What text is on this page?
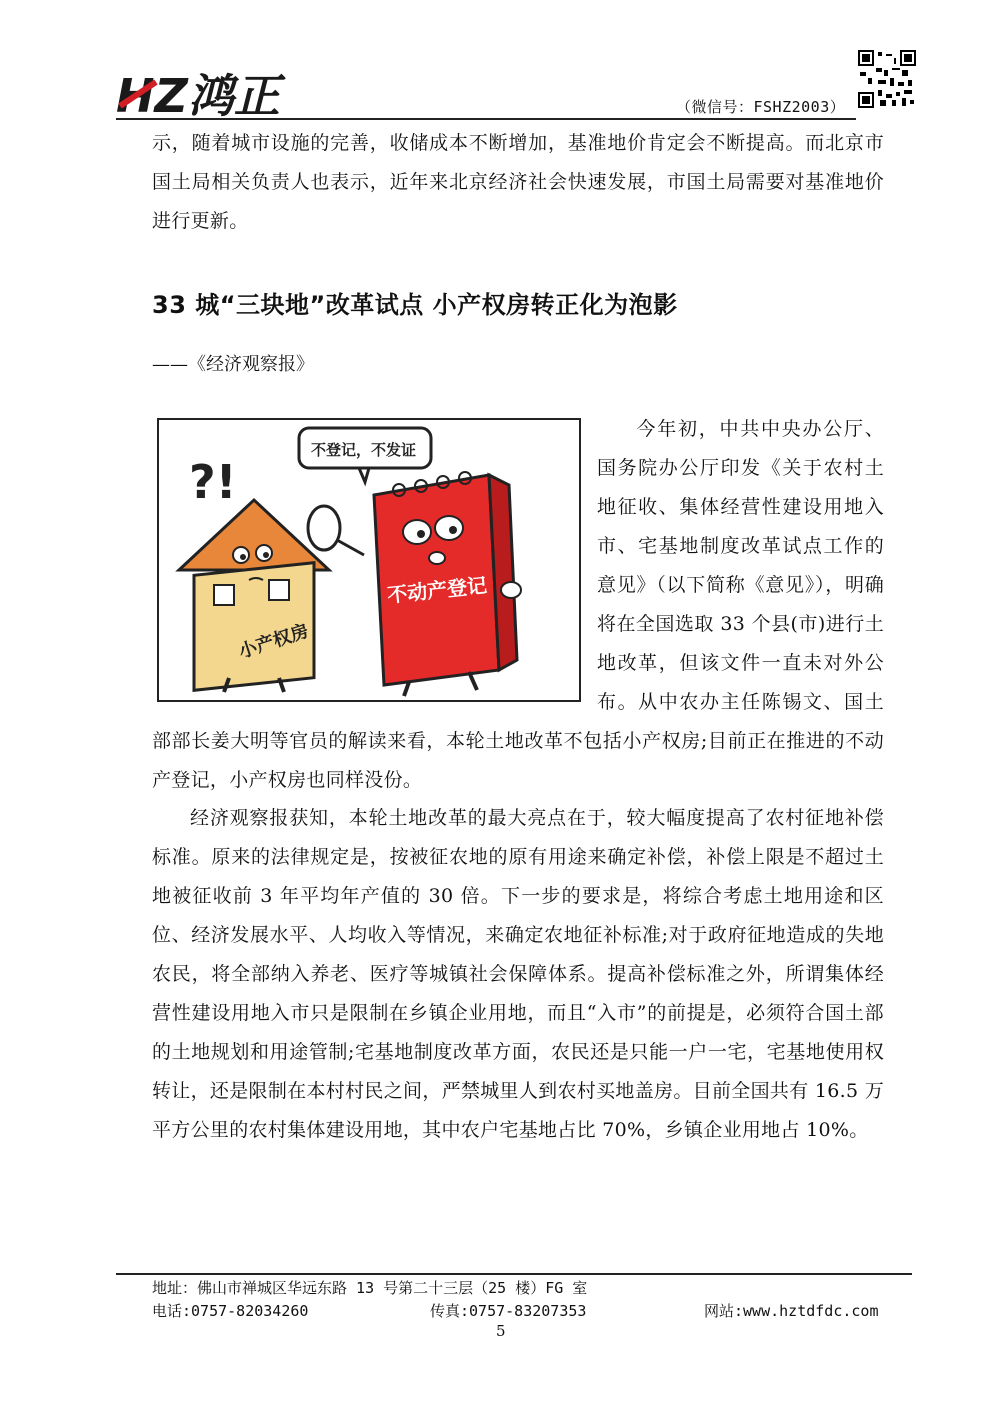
HZ鸿正	（微信号：FSHZ2003）
示，随着城市设施的完善，收储成本不断增加，基准地价肯定会不断提高。而北京市国土局相关负责人也表示，近年来北京经济社会快速发展，市国土局需要对基准地价进行更新。
33 城“三块地”改革试点 小产权房转正化为泡影
——《经济观察报》
今年初，中共中央办公厅、国务院办公厅印发《关于农村土地征收、集体经营性建设用地入市、宅基地制度改革试点工作的意见》（以下简称《意见》），明确将在全国选取 33 个县(市)进行土地改革，但该文件一直未对外公布。从中农办主任陈锡文、国土部部长姜大明等官员的解读来看，本轮土地改革不包括小产权房;目前正在推进的不动产登记，小产权房也同样没份。
小产权房
?!
不登记，不发证
不动产登记
经济观察报获知，本轮土地改革的最大亮点在于，较大幅度提高了农村征地补偿标准。原来的法律规定是，按被征农地的原有用途来确定补偿，补偿上限是不超过土地被征收前 3 年平均年产值的 30 倍。下一步的要求是，将综合考虑土地用途和区位、经济发展水平、人均收入等情况，来确定农地征补标准;对于政府征地造成的失地农民，将全部纳入养老、医疗等城镇社会保障体系。提高补偿标准之外，所谓集体经营性建设用地入市只是限制在乡镇企业用地，而且“入市”的前提是，必须符合国土部的土地规划和用途管制;宅基地制度改革方面，农民还是只能一户一宅，宅基地使用权转让，还是限制在本村村民之间，严禁城里人到农村买地盖房。目前全国共有 16.5 万平方公里的农村集体建设用地，其中农户宅基地占比 70%，乡镇企业用地占 10%。
地址：佛山市禅城区华远东路 13 号第二十三层（25 楼）FG 室
电话:0757-82034260	传真:0757-83207353	网站:www.hztdfdc.com
5
